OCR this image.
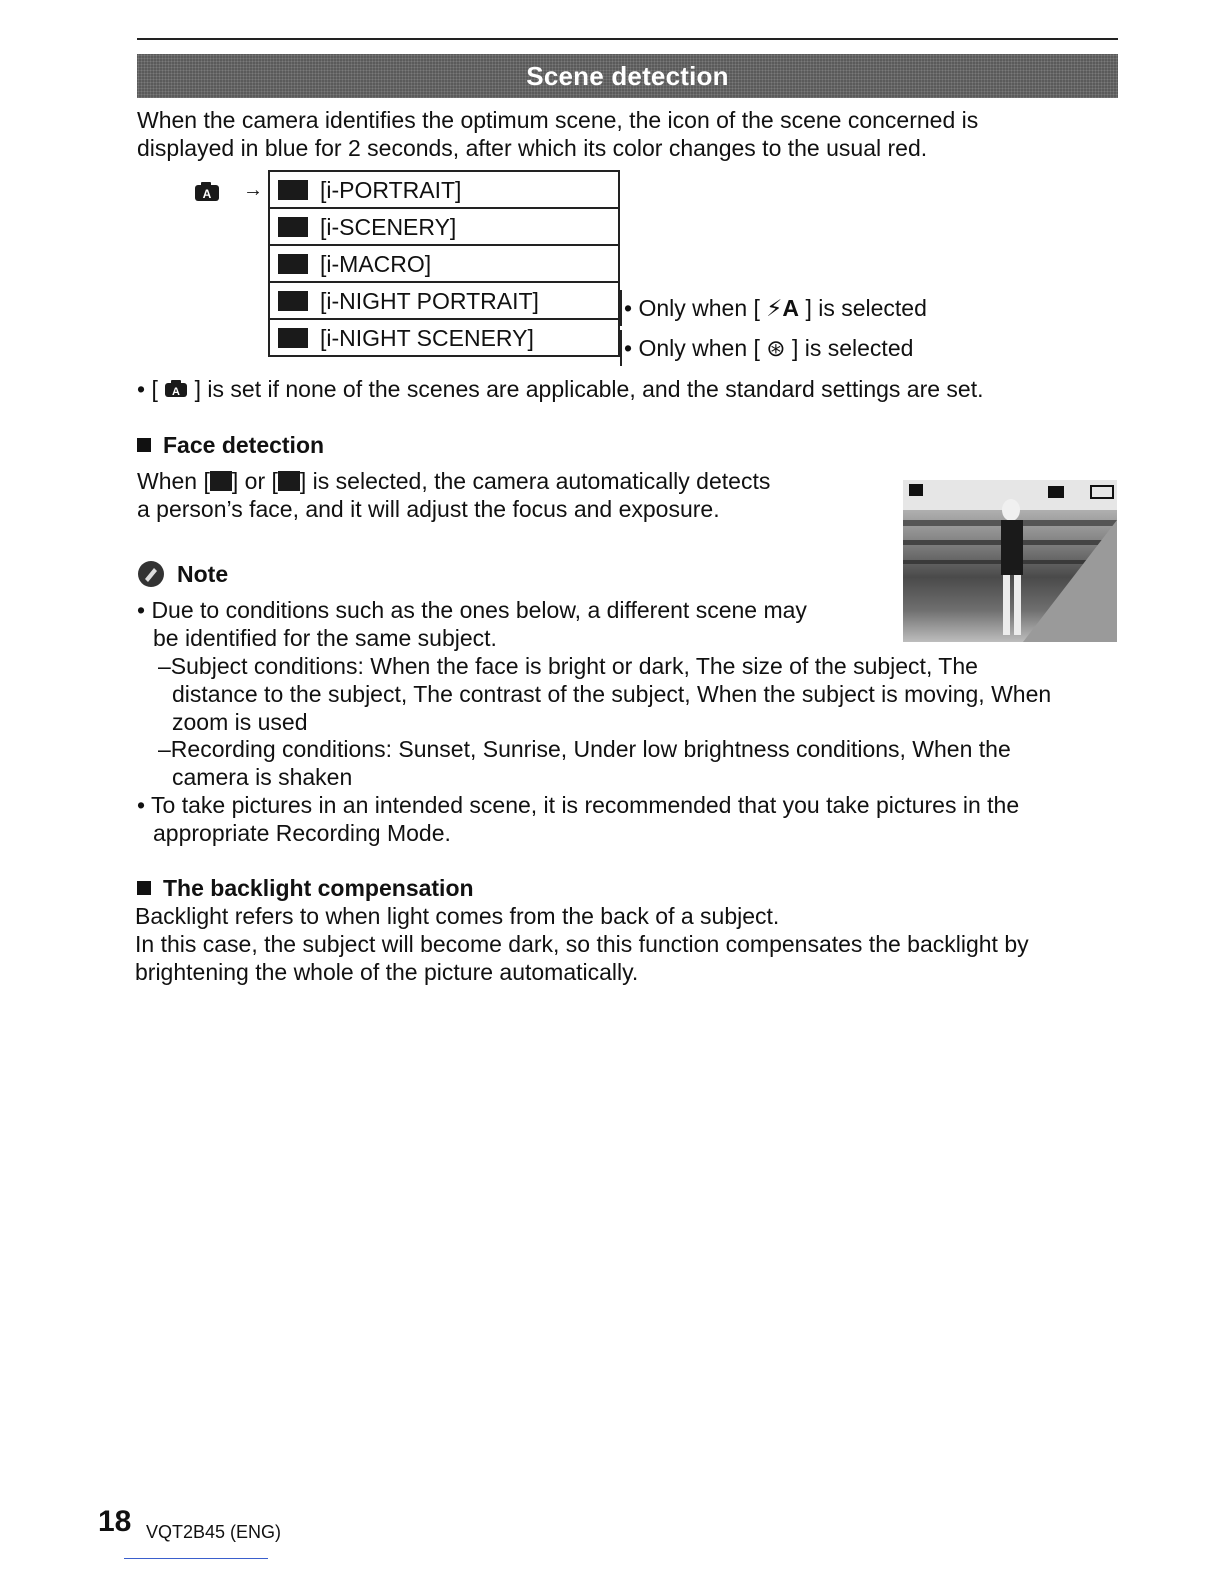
Scene detection
When the camera identifies the optimum scene, the icon of the scene concerned is
displayed in blue for 2 seconds, after which its color changes to the usual red.
A → [i-PORTRAIT]
[i-SCENERY]
[i-MACRO]
[i-NIGHT PORTRAIT]
[i-NIGHT SCENERY]
• Only when [ ⚡A ] is selected
• Only when [ ⊛ ] is selected
• [ A ] is set if none of the scenes are applicable, and the standard settings are set.
Face detection
When [ ] or [ ] is selected, the camera automatically detects
a person’s face, and it will adjust the focus and exposure.
Note
• Due to conditions such as the ones below, a different scene may
be identified for the same subject.
–Subject conditions: When the face is bright or dark, The size of the subject, The
distance to the subject, The contrast of the subject, When the subject is moving, When
zoom is used
–Recording conditions: Sunset, Sunrise, Under low brightness conditions, When the
camera is shaken
• To take pictures in an intended scene, it is recommended that you take pictures in the
appropriate Recording Mode.
The backlight compensation
Backlight refers to when light comes from the back of a subject.
In this case, the subject will become dark, so this function compensates the backlight by
brightening the whole of the picture automatically.
18 VQT2B45 (ENG)
